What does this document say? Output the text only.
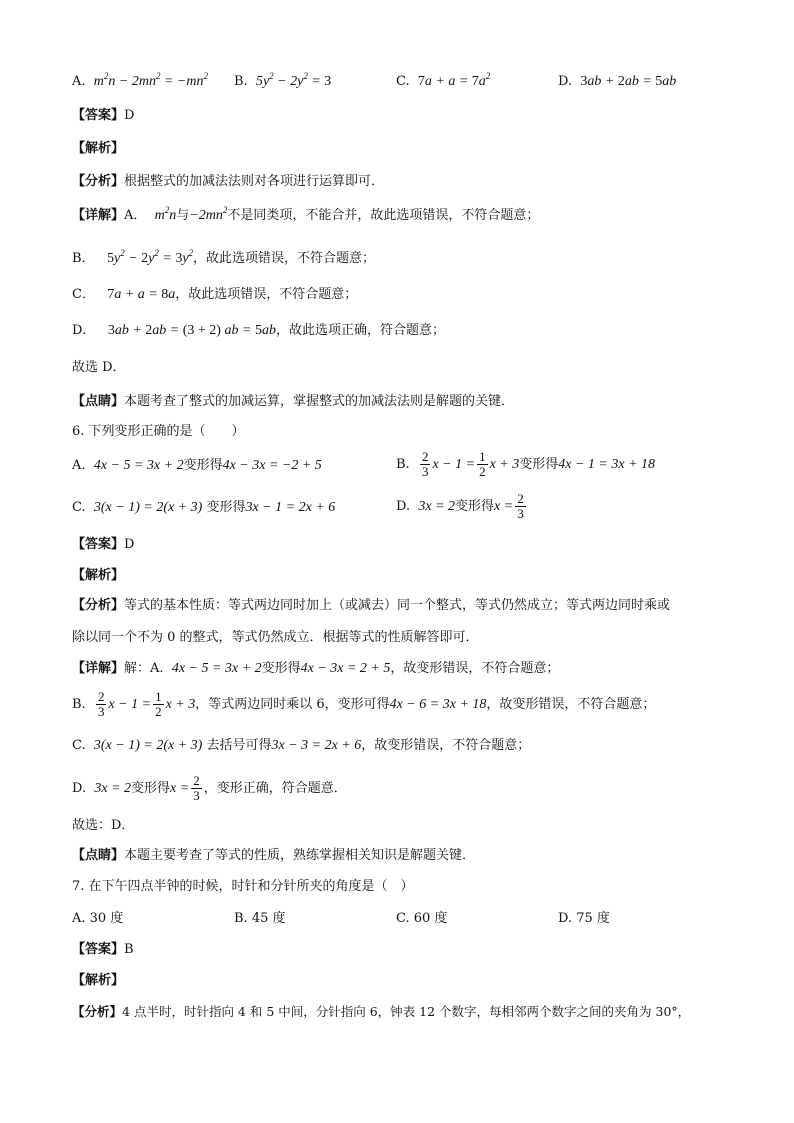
A. $m^2n - 2mn^2 = -mn^2$ B. $5y^2 - 2y^2 = 3$	C. $7a + a = 7a^2$	D. 3ab + 2ab = 5ab
【答案】D
【解析】
【分析】根据整式的加减法法则对各项进行运算即可．
【详解】A． $m^2n$与$-2mn^2$不是同类项，不能合并，故此选项错误，不符合题意；
B． $5y^2 - 2y^2 = 3y^2$，故此选项错误，不符合题意；
C． 7a + a = 8a，故此选项错误，不符合题意；
D． 3ab + 2ab = (3 + 2) ab = 5ab，故此选项正确，符合题意；
故选 D．
【点睛】本题考查了整式的加减运算，掌握整式的加减法法则是解题的关键．
6. 下列变形正确的是（　　）
A. 4x − 5 = 3x + 2变形得4x − 3x = −2 + 5	B. $\frac{2}{3}$ $x - 1 = \frac{1}{2}$ x + 3变形得4x − 1 = 3x + 18
C. 3(x − 1) = 2(x + 3) 变形得3x − 1 = 2x + 6	D. 3x = 2变形得$x = \frac{2}{3}$
【答案】D
【解析】
【分析】等式的基本性质：等式两边同时加上（或减去）同一个整式，等式仍然成立；等式两边同时乘或
除以同一个不为 0 的整式，等式仍然成立．根据等式的性质解答即可．
【详解】解：A. 4x − 5 = 3x + 2变形得4x − 3x = 2 + 5，故变形错误，不符合题意；
B. $\frac{2}{3}$ $x - 1 = \frac{1}{2}$ x + 3，等式两边同时乘以 6，变形可得4x − 6 = 3x + 18，故变形错误，不符合题意；
C. 3(x − 1) = 2(x + 3) 去括号可得3x − 3 = 2x + 6，故变形错误，不符合题意；
D. 3x = 2变形得$x = \frac{2}{3}$ ，变形正确，符合题意．
故选：D．
【点睛】本题主要考查了等式的性质，熟练掌握相关知识是解题关键．
7. 在下午四点半钟的时候，时针和分针所夹的角度是（　）
A. 30 度	B. 45 度	C. 60 度	D. 75 度
【答案】B
【解析】
【分析】4 点半时，时针指向 4 和 5 中间，分针指向 6，钟表 12 个数字，每相邻两个数字之间的夹角为 30°，
